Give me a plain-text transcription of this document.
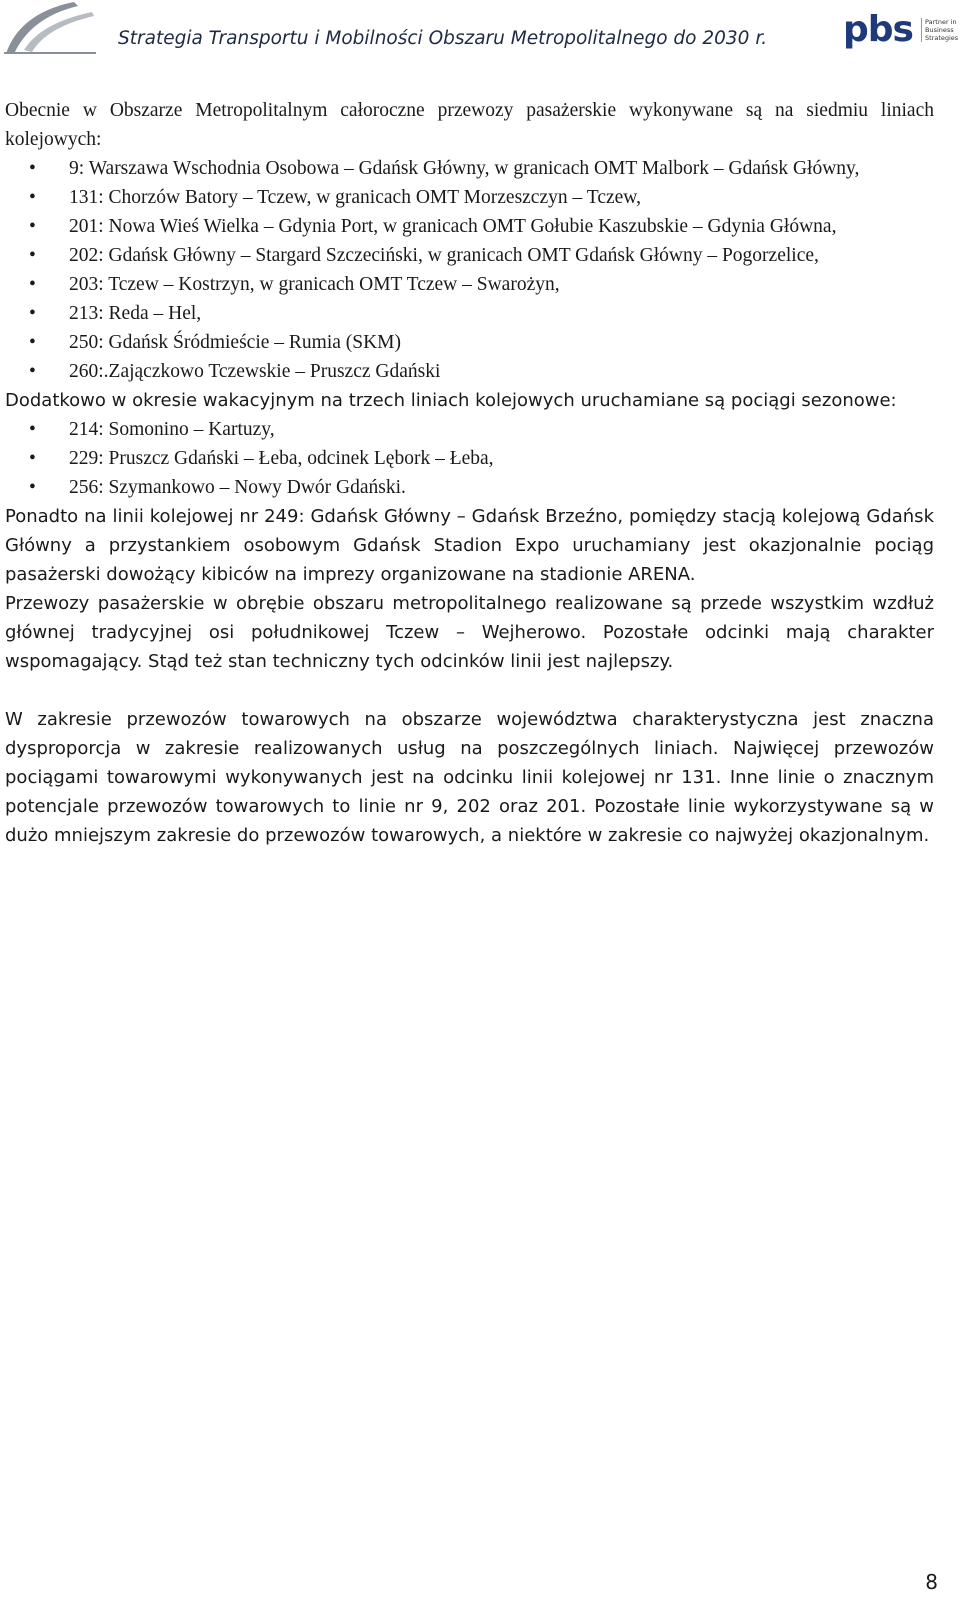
Strategia Transportu i Mobilności Obszaru Metropolitalnego do 2030 r. pbs Partner in
Business
Strategies

Obecnie w Obszarze Metropolitalnym całoroczne przewozy pasażerskie wykonywane są na siedmiu liniach kolejowych:

• 9: Warszawa Wschodnia Osobowa – Gdańsk Główny, w granicach OMT Malbork – Gdańsk Główny,
• 131: Chorzów Batory – Tczew, w granicach OMT Morzeszczyn – Tczew,
• 201: Nowa Wieś Wielka – Gdynia Port, w granicach OMT Gołubie Kaszubskie – Gdynia Główna,
• 202: Gdańsk Główny – Stargard Szczeciński, w granicach OMT Gdańsk Główny – Pogorzelice,
• 203: Tczew – Kostrzyn, w granicach OMT Tczew – Swarożyn,
• 213: Reda – Hel,
• 250: Gdańsk Śródmieście – Rumia (SKM)
• 260:.Zajączkowo Tczewskie – Pruszcz Gdański

Dodatkowo w okresie wakacyjnym na trzech liniach kolejowych uruchamiane są pociągi sezonowe:

• 214: Somonino – Kartuzy,
• 229: Pruszcz Gdański – Łeba, odcinek Lębork – Łeba,
• 256: Szymankowo – Nowy Dwór Gdański.

Ponadto na linii kolejowej nr 249: Gdańsk Główny – Gdańsk Brzeźno, pomiędzy stacją kolejową Gdańsk Główny a przystankiem osobowym Gdańsk Stadion Expo uruchamiany jest okazjonalnie pociąg pasażerski dowożący kibiców na imprezy organizowane na stadionie ARENA.

Przewozy pasażerskie w obrębie obszaru metropolitalnego realizowane są przede wszystkim wzdłuż głównej tradycyjnej osi południkowej Tczew – Wejherowo. Pozostałe odcinki mają charakter wspomagający. Stąd też stan techniczny tych odcinków linii jest najlepszy.

W zakresie przewozów towarowych na obszarze województwa charakterystyczna jest znaczna dysproporcja w zakresie realizowanych usług na poszczególnych liniach. Najwięcej przewozów pociągami towarowymi wykonywanych jest na odcinku linii kolejowej nr 131. Inne linie o znacznym potencjale przewozów towarowych to linie nr 9, 202 oraz 201. Pozostałe linie wykorzystywane są w dużo mniejszym zakresie do przewozów towarowych, a niektóre w zakresie co najwyżej okazjonalnym.

8
